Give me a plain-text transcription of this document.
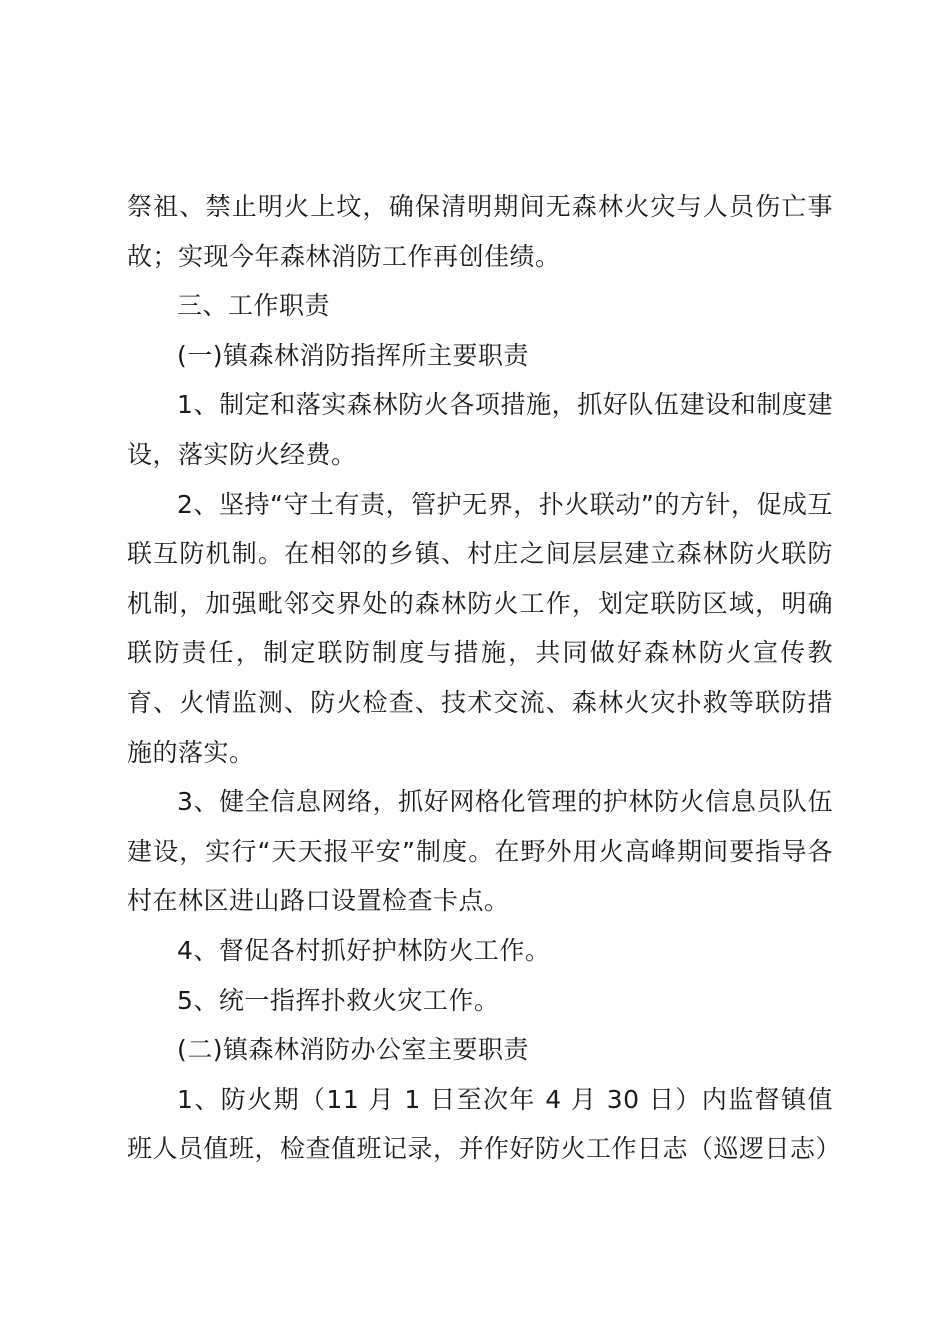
祭祖、禁止明火上坟，确保清明期间无森林火灾与人员伤亡事故；实现今年森林消防工作再创佳绩。

三、工作职责

(一)镇森林消防指挥所主要职责

1、制定和落实森林防火各项措施，抓好队伍建设和制度建设，落实防火经费。

2、坚持“守土有责，管护无界，扑火联动”的方针，促成互联互防机制。在相邻的乡镇、村庄之间层层建立森林防火联防机制，加强毗邻交界处的森林防火工作，划定联防区域，明确联防责任，制定联防制度与措施，共同做好森林防火宣传教育、火情监测、防火检查、技术交流、森林火灾扑救等联防措施的落实。

3、健全信息网络，抓好网格化管理的护林防火信息员队伍建设，实行“天天报平安”制度。在野外用火高峰期间要指导各村在林区进山路口设置检查卡点。

4、督促各村抓好护林防火工作。

5、统一指挥扑救火灾工作。

(二)镇森林消防办公室主要职责

1、防火期（11 月 1 日至次年 4 月 30 日）内监督镇值班人员值班，检查值班记录，并作好防火工作日志（巡逻日志）
